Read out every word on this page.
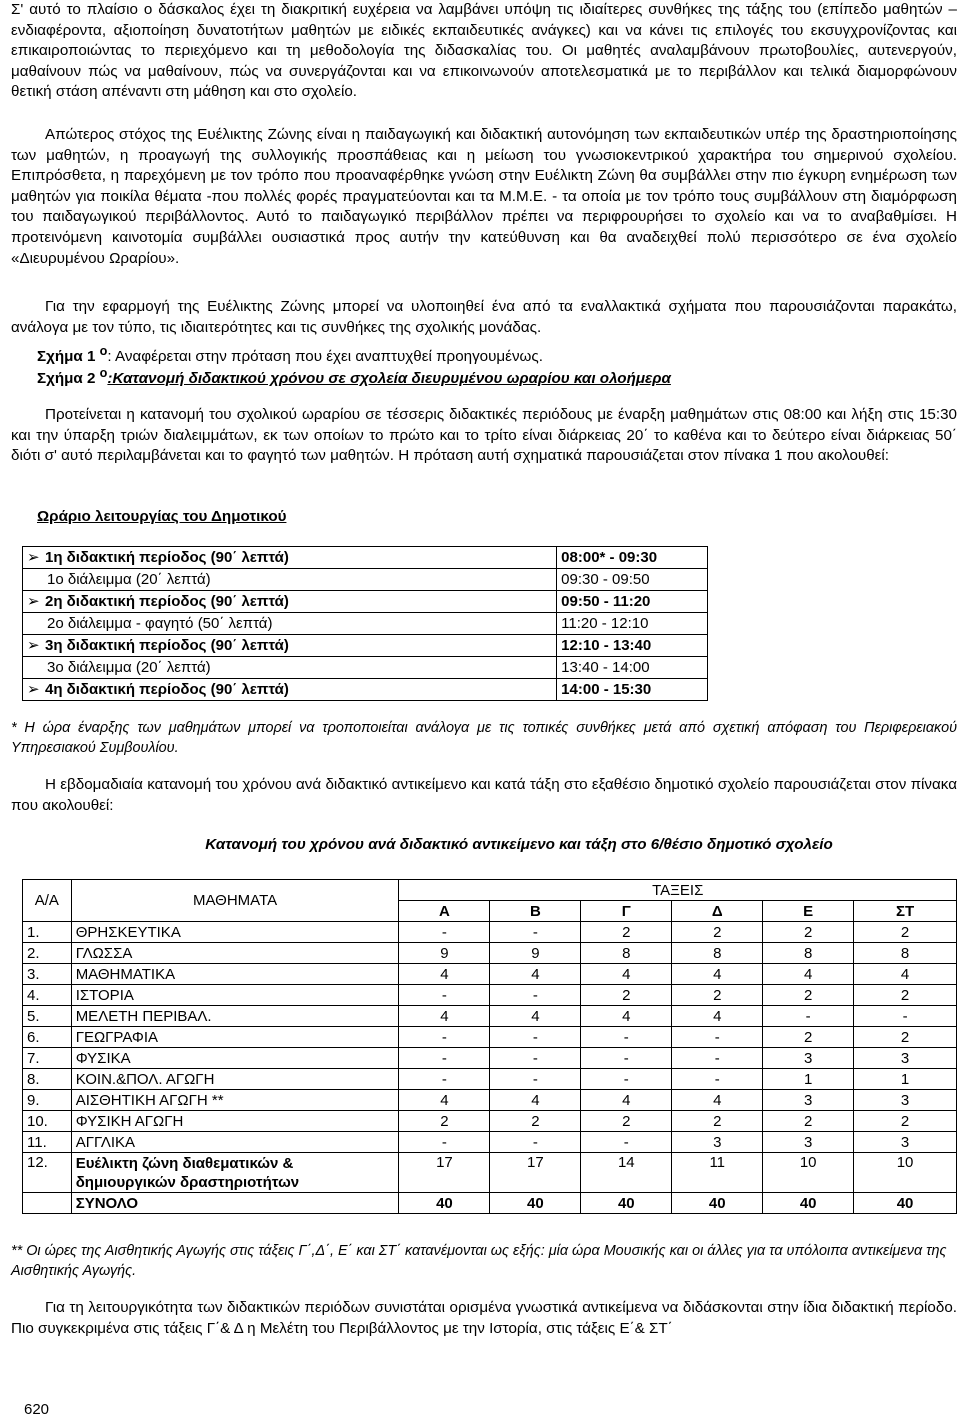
Σ' αυτό το πλαίσιο ο δάσκαλος έχει τη διακριτική ευχέρεια να λαμβάνει υπόψη τις ιδιαίτερες συνθήκες της τάξης του (επίπεδο μαθητών – ενδιαφέροντα, αξιοποίηση δυνατοτήτων μαθητών με ειδικές εκπαιδευτικές ανάγκες) και να κάνει τις επιλογές του εκσυγχρονίζοντας και επικαιροποιώντας το περιεχόμενο και τη μεθοδολογία της διδασκαλίας του. Οι μαθητές αναλαμβάνουν πρωτοβουλίες, αυτενεργούν, μαθαίνουν πώς να μαθαίνουν, πώς να συνεργάζονται και να επικοινωνούν αποτελεσματικά με το περιβάλλον και τελικά διαμορφώνουν θετική στάση απέναντι στη μάθηση και στο σχολείο.

Απώτερος στόχος της Ευέλικτης Ζώνης είναι η παιδαγωγική και διδακτική αυτονόμηση των εκπαιδευτικών υπέρ της δραστηριοποίησης των μαθητών, η προαγωγή της συλλογικής προσπάθειας και η μείωση του γνωσιοκεντρικού χαρακτήρα του σημερινού σχολείου. Επιπρόσθετα, η παρεχόμενη με τον τρόπο που προαναφέρθηκε γνώση στην Ευέλικτη Ζώνη θα συμβάλλει στην πιο έγκυρη ενημέρωση των μαθητών για ποικίλα θέματα -που πολλές φορές πραγματεύονται και τα Μ.Μ.Ε. - τα οποία με τον τρόπο τους συμβάλλουν στη διαμόρφωση του παιδαγωγικού περιβάλλοντος. Αυτό το παιδαγωγικό περιβάλλον πρέπει να περιφρουρήσει το σχολείο και να το αναβαθμίσει. Η προτεινόμενη καινοτομία συμβάλλει ουσιαστικά προς αυτήν την κατεύθυνση και θα αναδειχθεί πολύ περισσότερο σε ένα σχολείο «Διευρυμένου Ωραρίου».

Για την εφαρμογή της Ευέλικτης Ζώνης μπορεί να υλοποιηθεί ένα από τα εναλλακτικά σχήματα που παρουσιάζονται παρακάτω, ανάλογα με τον τύπο, τις ιδιαιτερότητες και τις συνθήκες της σχολικής μονάδας.

Σχήμα 1 $^o$: Αναφέρεται στην πρόταση που έχει αναπτυχθεί προηγουμένως.
Σχήμα 2 $^o$:Κατανομή διδακτικού χρόνου σε σχολεία διευρυμένου ωραρίου και ολοήμερα

Προτείνεται η κατανομή του σχολικού ωραρίου σε τέσσερις διδακτικές περιόδους με έναρξη μαθημάτων στις 08:00 και λήξη στις 15:30 και την ύπαρξη τριών διαλειμμάτων, εκ των οποίων το πρώτο και το τρίτο είναι διάρκειας 20΄ το καθένα και το δεύτερο είναι διάρκειας 50΄ διότι σ' αυτό περιλαμβάνεται και το φαγητό των μαθητών. Η πρόταση αυτή σχηματικά παρουσιάζεται στον πίνακα 1 που ακολουθεί:

Ωράριο λειτουργίας του Δημοτικού
➢ 1η διδακτική περίοδος (90΄ λεπτά)	08:00* - 09:30
1ο διάλειμμα (20΄ λεπτά)	09:30 - 09:50
➢ 2η διδακτική περίοδος (90΄ λεπτά)	09:50 - 11:20
2ο διάλειμμα - φαγητό (50΄ λεπτά)	11:20 - 12:10
➢ 3η διδακτική περίοδος (90΄ λεπτά)	12:10 - 13:40
3ο διάλειμμα (20΄ λεπτά)	13:40 - 14:00
➢ 4η διδακτική περίοδος (90΄ λεπτά)	14:00 - 15:30

* Η ώρα έναρξης των μαθημάτων μπορεί να τροποποιείται ανάλογα με τις τοπικές συνθήκες μετά από σχετική απόφαση του Περιφερειακού Υπηρεσιακού Συμβουλίου.

Η εβδομαδιαία κατανομή του χρόνου ανά διδακτικό αντικείμενο και κατά τάξη στο εξαθέσιο δημοτικό σχολείο παρουσιάζεται στον πίνακα που ακολουθεί:

Κατανομή του χρόνου ανά διδακτικό αντικείμενο και τάξη στο 6/θέσιο δημοτικό σχολείο
Α/Α	ΜΑΘΗΜΑΤΑ	ΤΑΞΕΙΣ					
		Α	Β	Γ	Δ	Ε	ΣΤ
1.	ΘΡΗΣΚΕΥΤΙΚΑ	-	-	2	2	2	2
2.	ΓΛΩΣΣΑ	9	9	8	8	8	8
3.	ΜΑΘΗΜΑΤΙΚΑ	4	4	4	4	4	4
4.	ΙΣΤΟΡΙΑ	-	-	2	2	2	2
5.	ΜΕΛΕΤΗ ΠΕΡΙΒΑΛ.	4	4	4	4	-	-
6.	ΓΕΩΓΡΑΦΙΑ	-	-	-	-	2	2
7.	ΦΥΣΙΚΑ	-	-	-	-	3	3
8.	ΚΟΙΝ.&ΠΟΛ. ΑΓΩΓΗ	-	-	-	-	1	1
9.	ΑΙΣΘΗΤΙΚΗ ΑΓΩΓΗ **	4	4	4	4	3	3
10.	ΦΥΣΙΚΗ ΑΓΩΓΗ	2	2	2	2	2	2
11.	ΑΓΓΛΙΚΑ	-	-	-	3	3	3
12.	Ευέλικτη ζώνη διαθεματικών & δημιουργικών δραστηριοτήτων	17	17	14	11	10	10
	ΣΥΝΟΛΟ	40	40	40	40	40	40

** Οι ώρες της Αισθητικής Αγωγής στις τάξεις Γ΄,Δ΄, Ε΄ και ΣΤ΄ κατανέμονται ως εξής: μία ώρα Μουσικής και οι άλλες για τα υπόλοιπα αντικείμενα της Αισθητικής Αγωγής.

Για τη λειτουργικότητα των διδακτικών περιόδων συνιστάται ορισμένα γνωστικά αντικείμενα να διδάσκονται στην ίδια διδακτική περίοδο. Πιο συγκεκριμένα στις τάξεις Γ΄& Δ η Μελέτη του Περιβάλλοντος με την Ιστορία, στις τάξεις Ε΄& ΣΤ΄

620
